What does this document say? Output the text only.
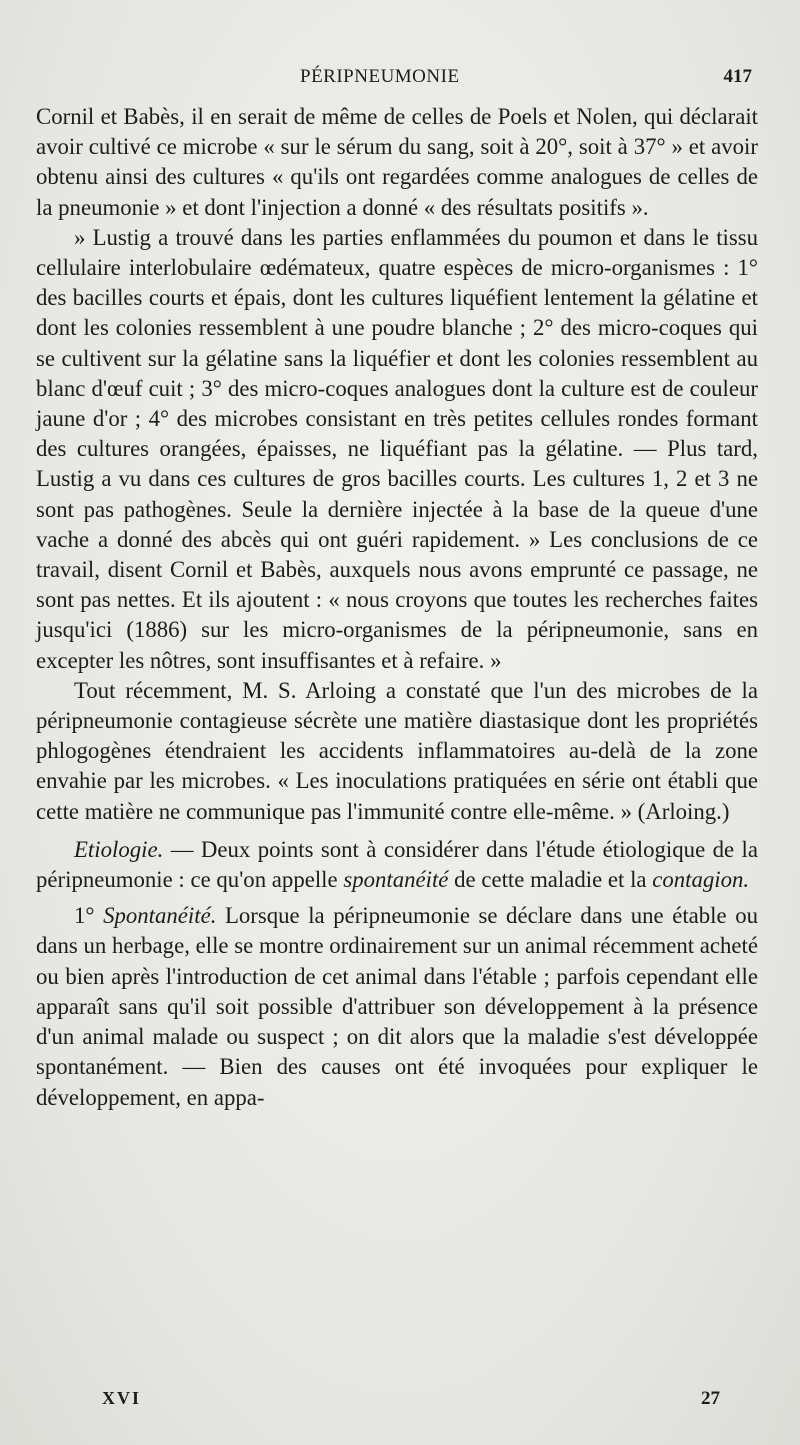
PÉRIPNEUMONIE	417

Cornil et Babès, il en serait de même de celles de Poels et Nolen, qui déclarait avoir cultivé ce microbe « sur le sérum du sang, soit à 20°, soit à 37° » et avoir obtenu ainsi des cultures « qu'ils ont regardées comme analogues de celles de la pneumonie » et dont l'injection a donné « des résultats positifs ».

» Lustig a trouvé dans les parties enflammées du poumon et dans le tissu cellulaire interlobulaire œdémateux, quatre espèces de micro-organismes : 1° des bacilles courts et épais, dont les cultures liquéfient lentement la gélatine et dont les colonies ressemblent à une poudre blanche ; 2° des micro-coques qui se cultivent sur la gélatine sans la liquéfier et dont les colonies ressemblent au blanc d'œuf cuit ; 3° des micro-coques analogues dont la culture est de couleur jaune d'or ; 4° des microbes consistant en très petites cellules rondes formant des cultures orangées, épaisses, ne liquéfiant pas la gélatine. — Plus tard, Lustig a vu dans ces cultures de gros bacilles courts. Les cultures 1, 2 et 3 ne sont pas pathogènes. Seule la dernière injectée à la base de la queue d'une vache a donné des abcès qui ont guéri rapidement. » Les conclusions de ce travail, disent Cornil et Babès, auxquels nous avons emprunté ce passage, ne sont pas nettes. Et ils ajoutent : « nous croyons que toutes les recherches faites jusqu'ici (1886) sur les micro-organismes de la péripneumonie, sans en excepter les nôtres, sont insuffisantes et à refaire. »

Tout récemment, M. S. Arloing a constaté que l'un des microbes de la péripneumonie contagieuse sécrète une matière diastasique dont les propriétés phlogogènes étendraient les accidents inflammatoires au-delà de la zone envahie par les microbes. « Les inoculations pratiquées en série ont établi que cette matière ne communique pas l'immunité contre elle-même. » (Arloing.)

Etiologie. — Deux points sont à considérer dans l'étude étiologique de la péripneumonie : ce qu'on appelle spontanéité de cette maladie et la contagion.

1° Spontanéité. Lorsque la péripneumonie se déclare dans une étable ou dans un herbage, elle se montre ordinairement sur un animal récemment acheté ou bien après l'introduction de cet animal dans l'étable ; parfois cependant elle apparaît sans qu'il soit possible d'attribuer son développement à la présence d'un animal malade ou suspect ; on dit alors que la maladie s'est développée spontanément. — Bien des causes ont été invoquées pour expliquer le développement, en appa-

XVI	27
